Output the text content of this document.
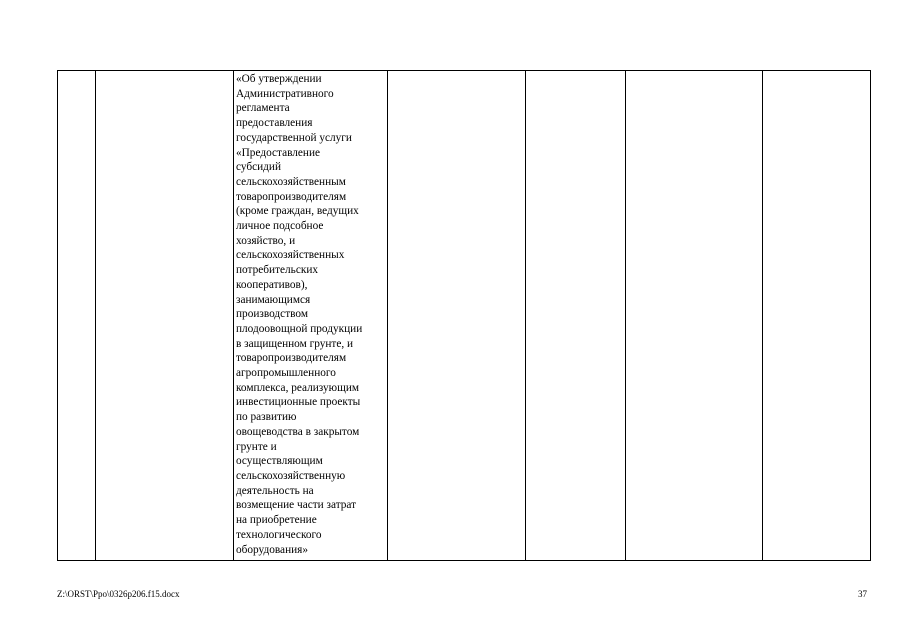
«Об утверждении
Административного
регламента
предоставления
государственной услуги
«Предоставление
субсидий
сельскохозяйственным
товаропроизводителям
(кроме граждан, ведущих
личное подсобное
хозяйство, и
сельскохозяйственных
потребительских
кооперативов),
занимающимся
производством
плодоовощной продукции
в защищенном грунте, и
товаропроизводителям
агропромышленного
комплекса, реализующим
инвестиционные проекты
по развитию
овощеводства в закрытом
грунте и
осуществляющим
сельскохозяйственную
деятельность на
возмещение части затрат
на приобретение
технологического
оборудования»

Z:\ORST\Ppo\0326p206.f15.docx	37
